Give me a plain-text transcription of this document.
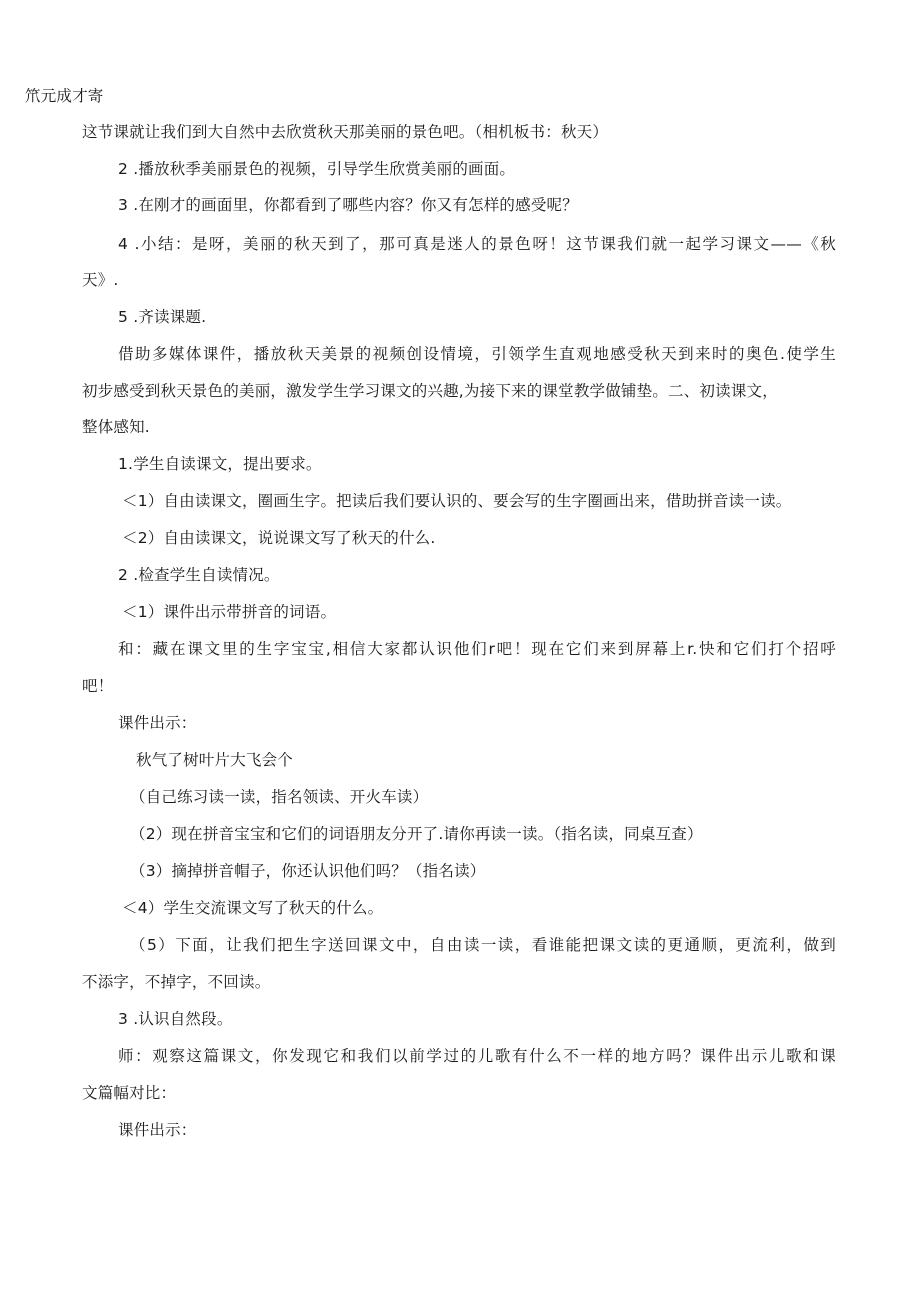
笊元成才寄
这节课就让我们到大自然中去欣赏秋天那美丽的景色吧。（相机板书：秋天）
2 .播放秋季美丽景色的视频，引导学生欣赏美丽的画面。
3 .在刚才的画面里，你都看到了哪些内容？你又有怎样的感受呢？
4 .小结：是呀，美丽的秋天到了，那可真是迷人的景色呀！这节课我们就一起学习课文——《秋
天》.
5 .齐读课题.
借助多媒体课件，播放秋天美景的视频创设情境，引领学生直观地感受秋天到来时的奥色.使学生
初步感受到秋天景色的美丽，激发学生学习课文的兴趣,为接下来的课堂教学做铺垫。二、初读课文，
整体感知.
1.学生自读课文，提出要求。
＜1）自由读课文，圈画生字。把读后我们要认识的、要会写的生字圈画出来，借助拼音读一读。
＜2）自由读课文，说说课文写了秋天的什么.
2 .检查学生自读情况。
＜1）课件出示带拼音的词语。
和：藏在课文里的生字宝宝,相信大家都认识他们r吧！现在它们来到屏幕上r.快和它们打个招呼
吧！
课件出示：
秋气了树叶片大飞会个
（自己练习读一读，指名领读、开火车读）
（2）现在拼音宝宝和它们的词语朋友分开了.请你再读一读。（指名读，同桌互查）
（3）摘掉拼音帽子，你还认识他们吗？（指名读）
＜4）学生交流课文写了秋天的什么。
（5）下面，让我们把生字送回课文中，自由读一读，看谁能把课文读的更通顺，更流利，做到
不添字，不掉字，不回读。
3 .认识自然段。
师：观察这篇课文，你发现它和我们以前学过的儿歌有什么不一样的地方吗？课件出示儿歌和课
文篇幅对比：
课件出示：
